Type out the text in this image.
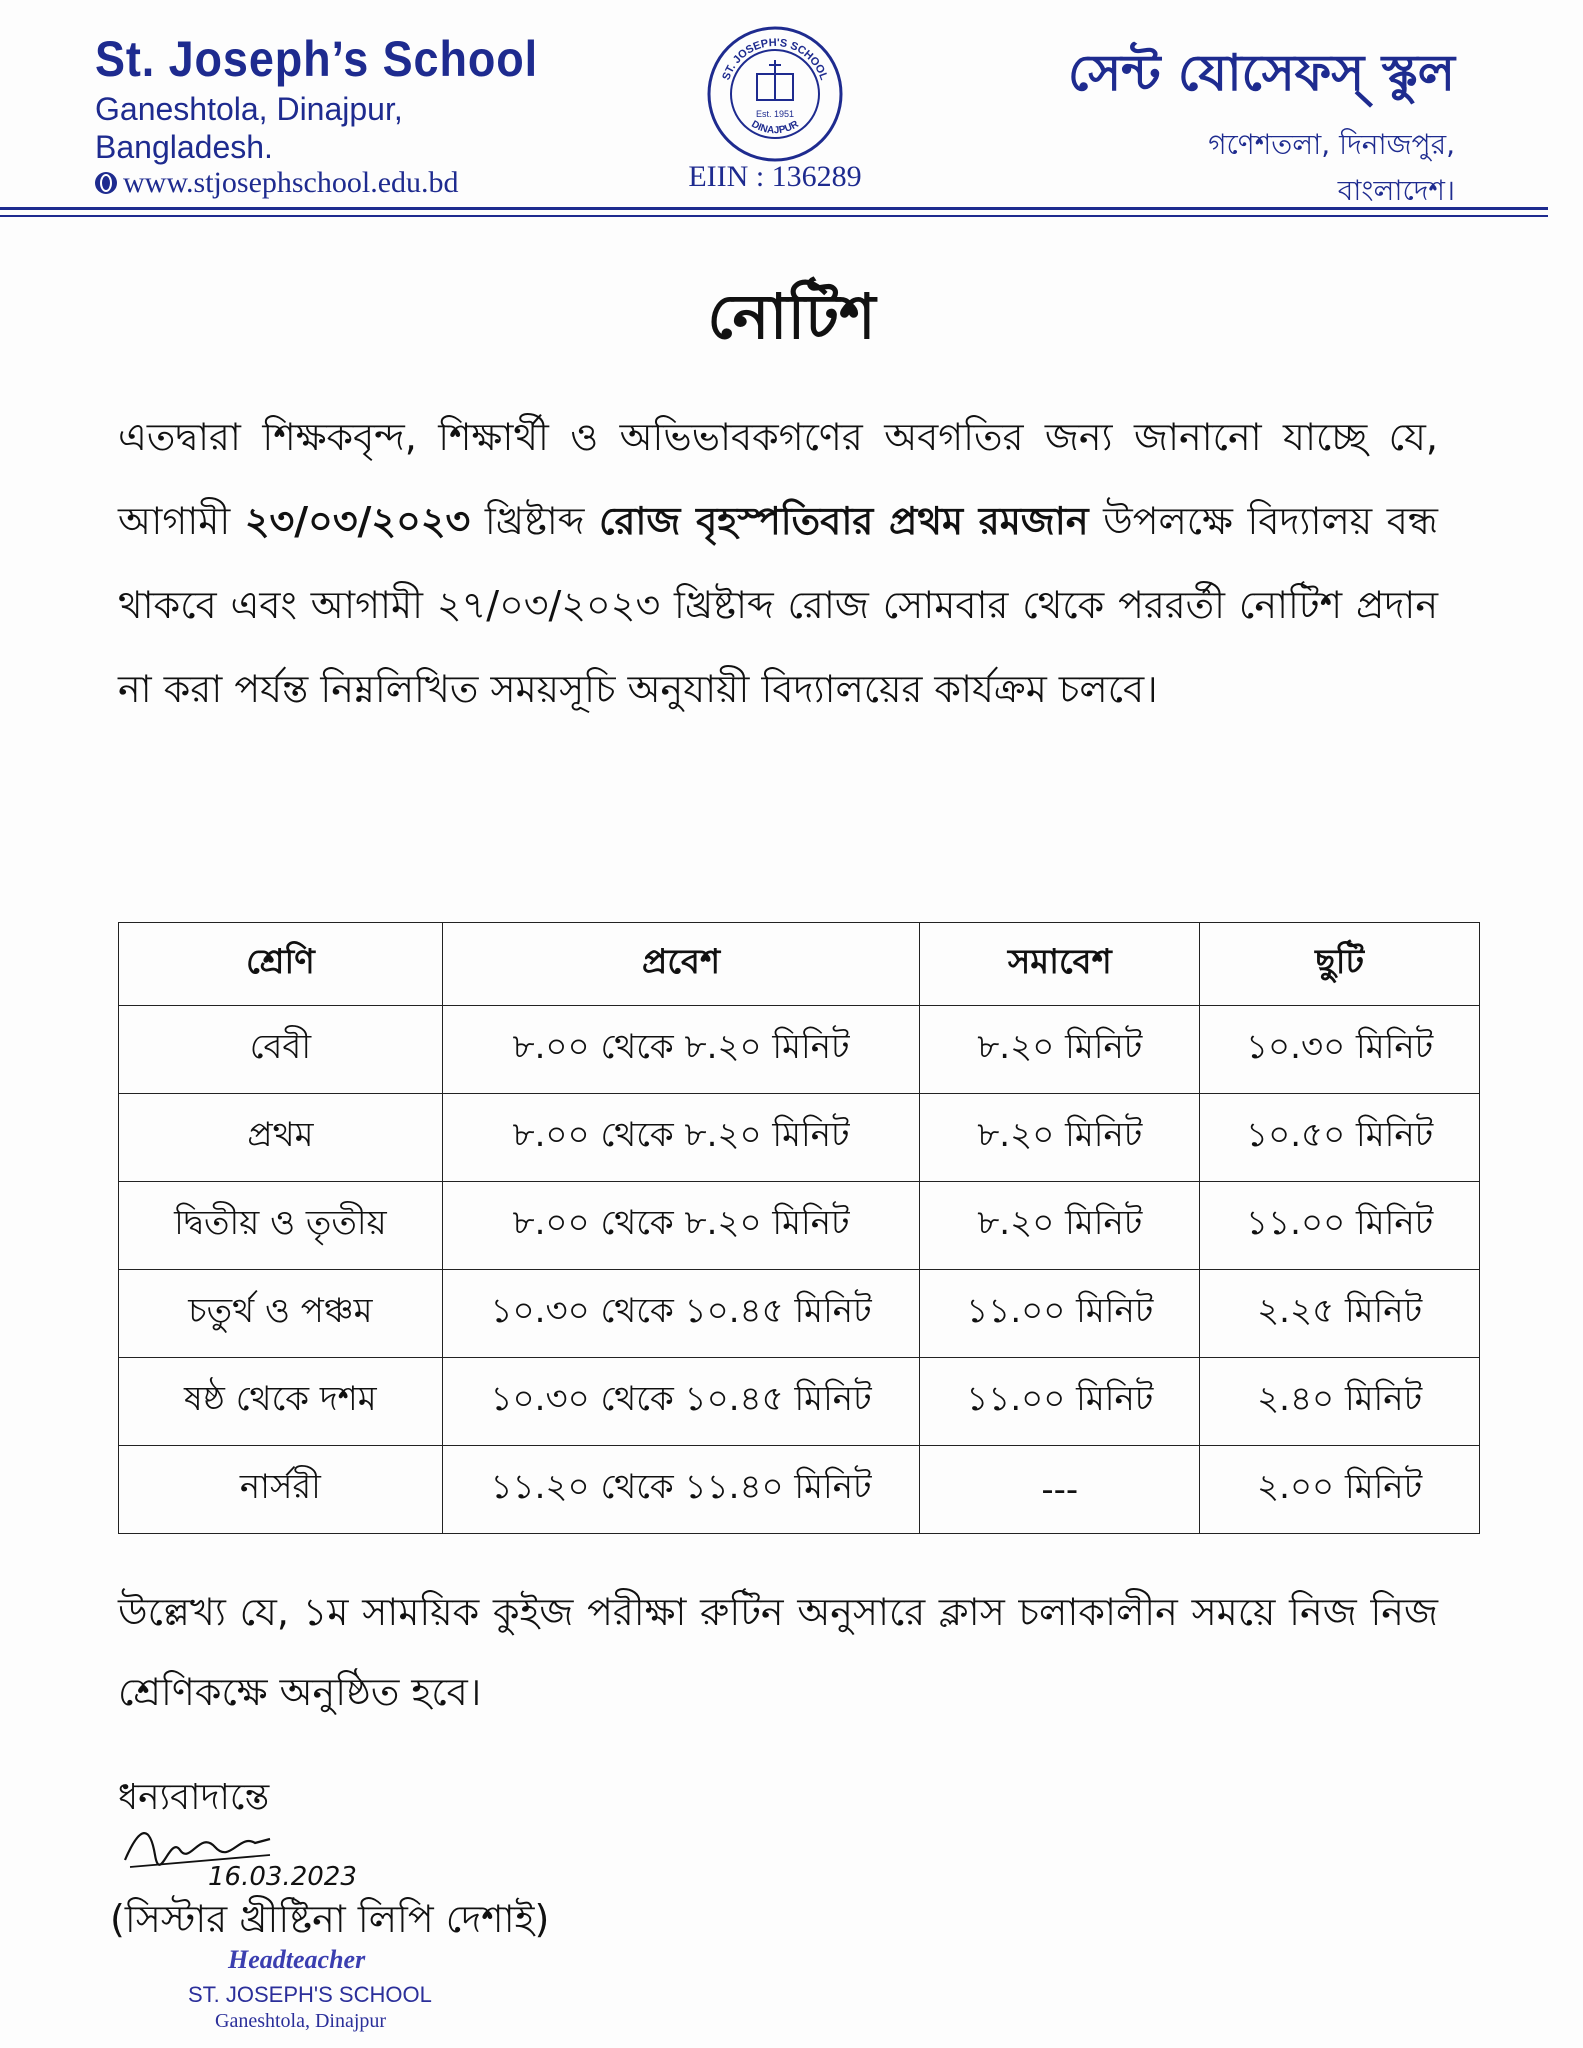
St. Joseph’s School
Ganeshtola, Dinajpur,
Bangladesh.
www.stjosephschool.edu.bd
ST. JOSEPH'S SCHOOL
DINAJPUR
Est. 1951
EIIN : 136289
সেন্ট যোসেফস্ স্কুল
গণেশতলা, দিনাজপুর,
বাংলাদেশ।
নোটিশ
এতদ্বারা শিক্ষকবৃন্দ, শিক্ষার্থী ও অভিভাবকগণের অবগতির জন্য জানানো যাচ্ছে যে, আগামী ২৩/০৩/২০২৩ খ্রিষ্টাব্দ রোজ বৃহস্পতিবার প্রথম রমজান উপলক্ষে বিদ্যালয় বন্ধ থাকবে এবং আগামী ২৭/০৩/২০২৩ খ্রিষ্টাব্দ রোজ সোমবার থেকে পররর্তী নোটিশ প্রদান না করা পর্যন্ত নিম্নলিখিত সময়সূচি অনুযায়ী বিদ্যালয়ের কার্যক্রম চলবে।
শ্রেণি	প্রবেশ	সমাবেশ	ছুটি
বেবী	৮.০০ থেকে ৮.২০ মিনিট	৮.২০ মিনিট	১০.৩০ মিনিট
প্রথম	৮.০০ থেকে ৮.২০ মিনিট	৮.২০ মিনিট	১০.৫০ মিনিট
দ্বিতীয় ও তৃতীয়	৮.০০ থেকে ৮.২০ মিনিট	৮.২০ মিনিট	১১.০০ মিনিট
চতুর্থ ও পঞ্চম	১০.৩০ থেকে ১০.৪৫ মিনিট	১১.০০ মিনিট	২.২৫ মিনিট
ষষ্ঠ থেকে দশম	১০.৩০ থেকে ১০.৪৫ মিনিট	১১.০০ মিনিট	২.৪০ মিনিট
নার্সরী	১১.২০ থেকে ১১.৪০ মিনিট	---	২.০০ মিনিট
উল্লেখ্য যে, ১ম সাময়িক কুইজ পরীক্ষা রুটিন অনুসারে ক্লাস চলাকালীন সময়ে নিজ নিজ শ্রেণিকক্ষে অনুষ্ঠিত হবে।
ধন্যবাদান্তে
16.03.2023
(সিস্টার খ্রীষ্টিনা লিপি দেশাই)
Headteacher
ST. JOSEPH'S SCHOOL
Ganeshtola, Dinajpur
